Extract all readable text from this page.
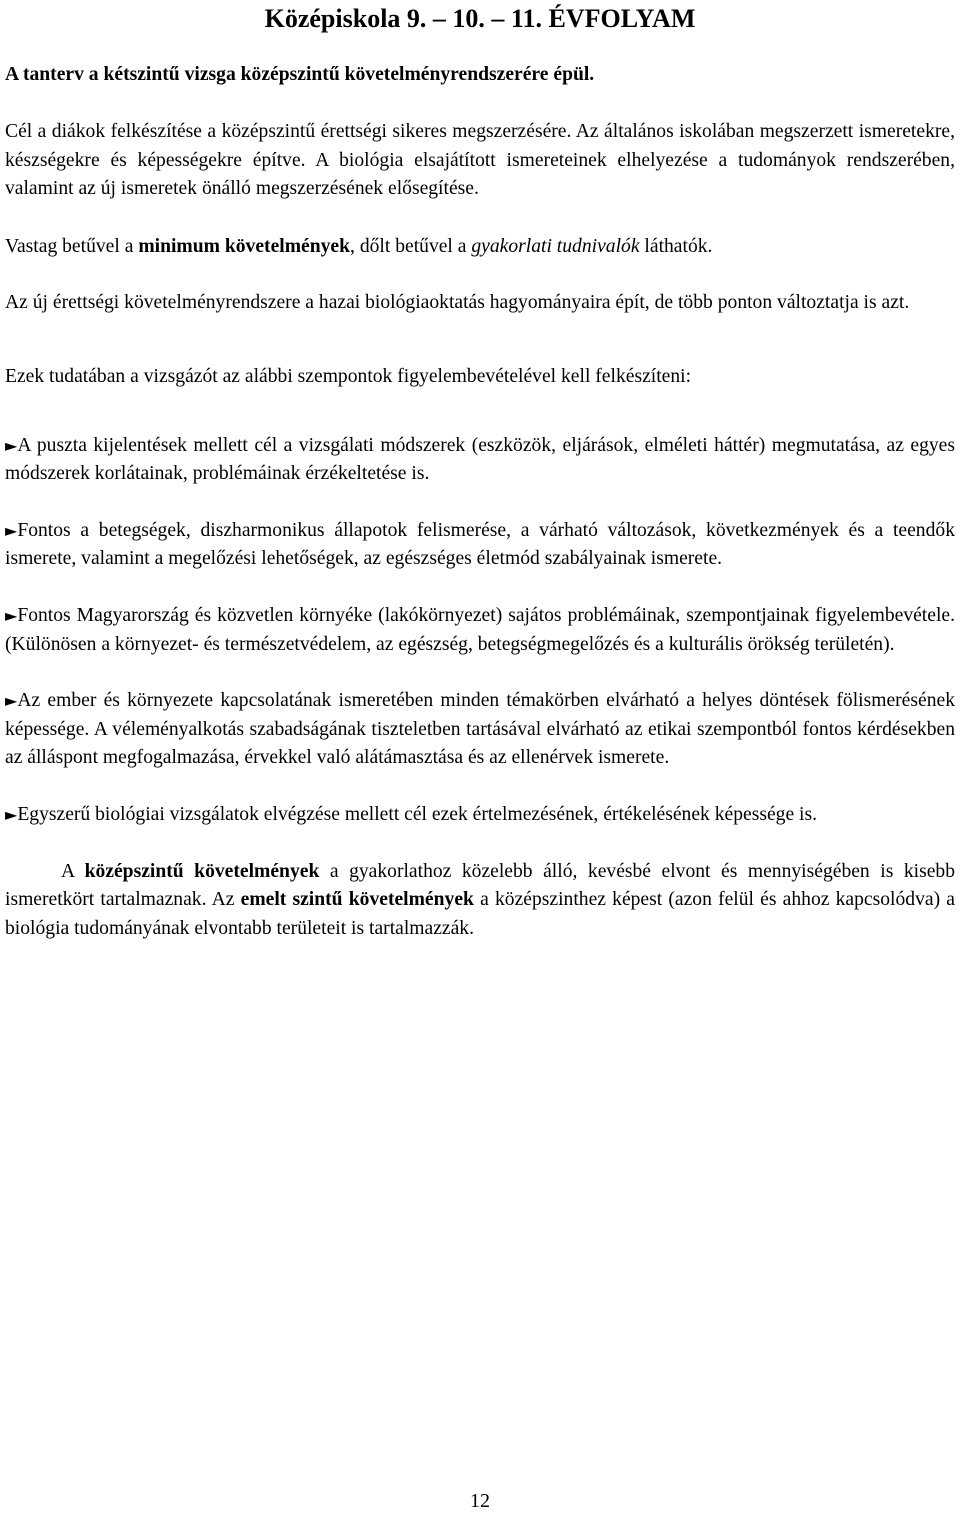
Középiskola 9. – 10. – 11. ÉVFOLYAM
A tanterv a kétszintű vizsga középszintű követelményrendszerére épül.

Cél a diákok felkészítése a középszintű érettségi sikeres megszerzésére. Az általános iskolában megszerzett ismeretekre, készségekre és képességekre építve. A biológia elsajátított ismereteinek elhelyezése a tudományok rendszerében, valamint az új ismeretek önálló megszerzésének elősegítése.

Vastag betűvel a minimum követelmények, dőlt betűvel a gyakorlati tudnivalók láthatók.

Az új érettségi követelményrendszere a hazai biológiaoktatás hagyományaira épít, de több ponton változtatja is azt.

Ezek tudatában a vizsgázót az alábbi szempontok figyelembevételével kell felkészíteni:

►A puszta kijelentések mellett cél a vizsgálati módszerek (eszközök, eljárások, elméleti háttér) megmutatása, az egyes módszerek korlátainak, problémáinak érzékeltetése is.

►Fontos a betegségek, diszharmonikus állapotok felismerése, a várható változások, következmények és a teendők ismerete, valamint a megelőzési lehetőségek, az egészséges életmód szabályainak ismerete.

►Fontos Magyarország és közvetlen környéke (lakókörnyezet) sajátos problémáinak, szempontjainak figyelembevétele. (Különösen a környezet- és természetvédelem, az egészség, betegségmegelőzés és a kulturális örökség területén).

►Az ember és környezete kapcsolatának ismeretében minden témakörben elvárható a helyes döntések fölismerésének képessége. A véleményalkotás szabadságának tiszteletben tartásával elvárható az etikai szempontból fontos kérdésekben az álláspont megfogalmazása, érvekkel való alátámasztása és az ellenérvek ismerete.

►Egyszerű biológiai vizsgálatok elvégzése mellett cél ezek értelmezésének, értékelésének képessége is.

A középszintű követelmények a gyakorlathoz közelebb álló, kevésbé elvont és mennyiségében is kisebb ismeretkört tartalmaznak. Az emelt szintű követelmények a középszinthez képest (azon felül és ahhoz kapcsolódva) a biológia tudományának elvontabb területeit is tartalmazzák.

12
